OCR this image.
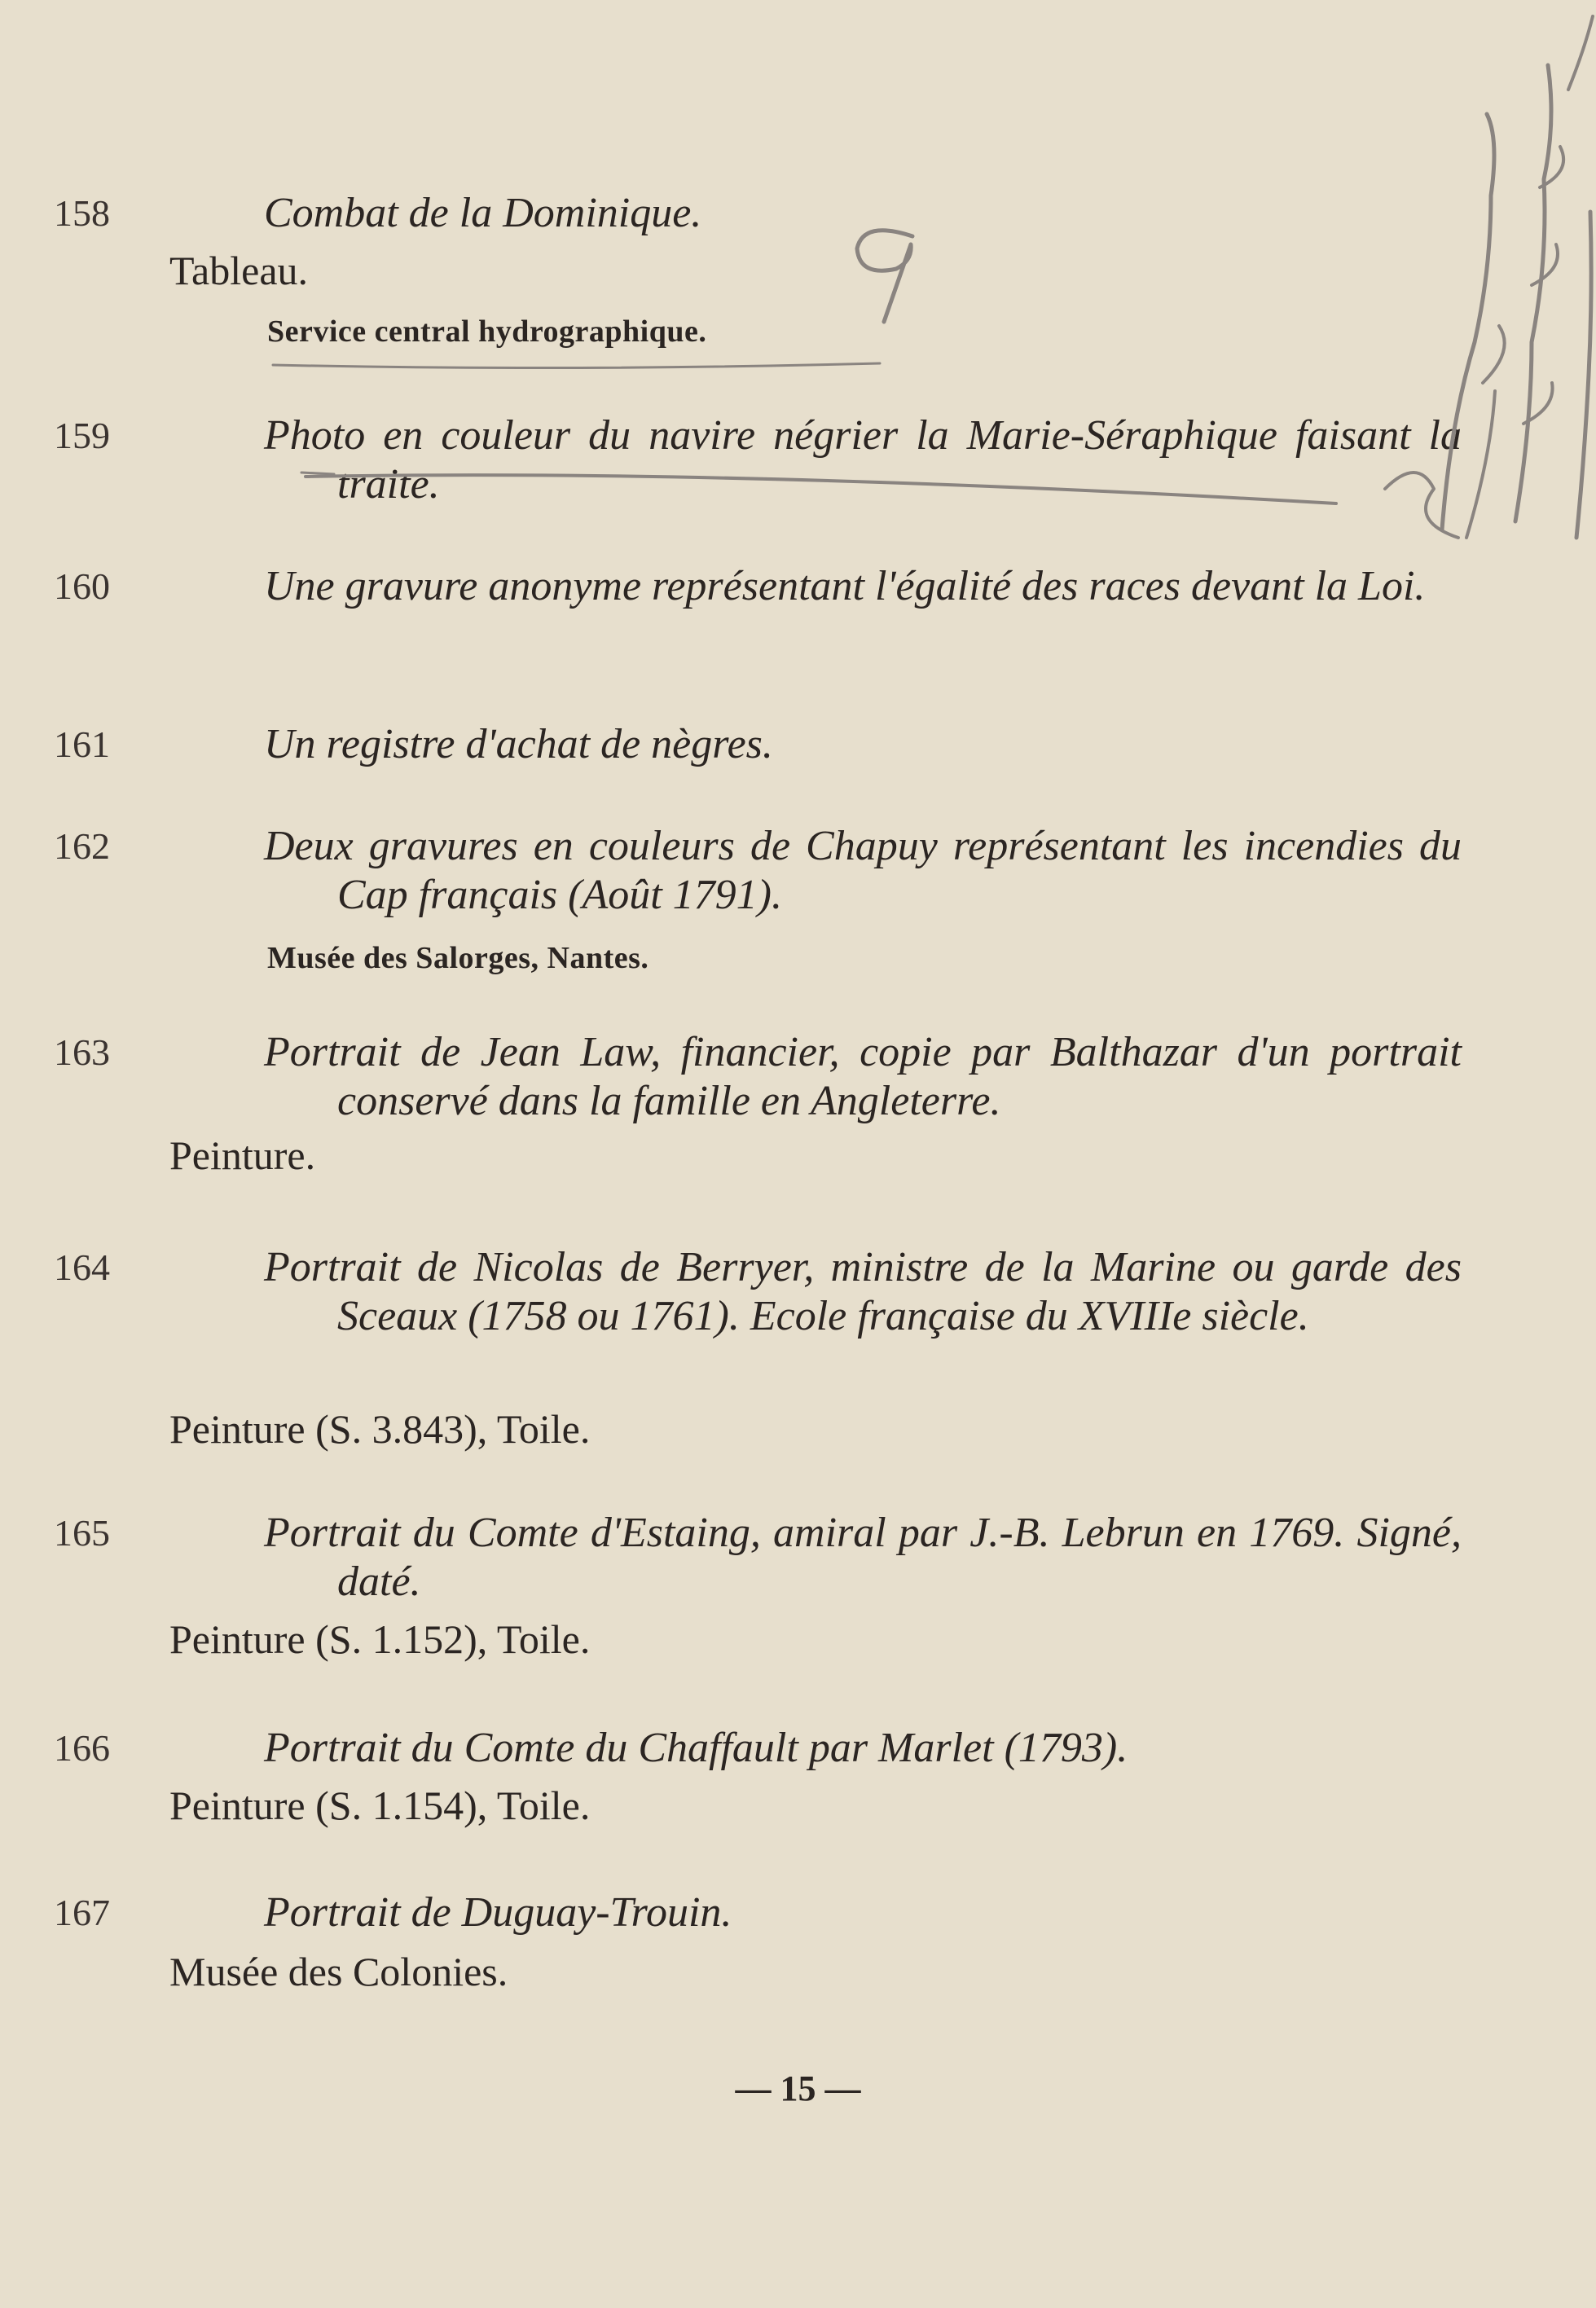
158	Combat de la Dominique.
Tableau.
Service central hydrographique.
159	Photo en couleur du navire négrier la Marie-Séraphique faisant la traite.
160	Une gravure anonyme représentant l'égalité des races devant la Loi.
161	Un registre d'achat de nègres.
162	Deux gravures en couleurs de Chapuy représentant les incendies du Cap français (Août 1791).
Musée des Salorges, Nantes.
163	Portrait de Jean Law, financier, copie par Balthazar d'un portrait conservé dans la famille en Angleterre.
Peinture.
164	Portrait de Nicolas de Berryer, ministre de la Marine ou garde des Sceaux (1758 ou 1761). Ecole française du XVIIIe siècle.
Peinture (S. 3.843), Toile.
165	Portrait du Comte d'Estaing, amiral par J.-B. Lebrun en 1769. Signé, daté.
Peinture (S. 1.152), Toile.
166	Portrait du Comte du Chaffault par Marlet (1793).
Peinture (S. 1.154), Toile.
167	Portrait de Duguay-Trouin.
Musée des Colonies.
— 15 —
